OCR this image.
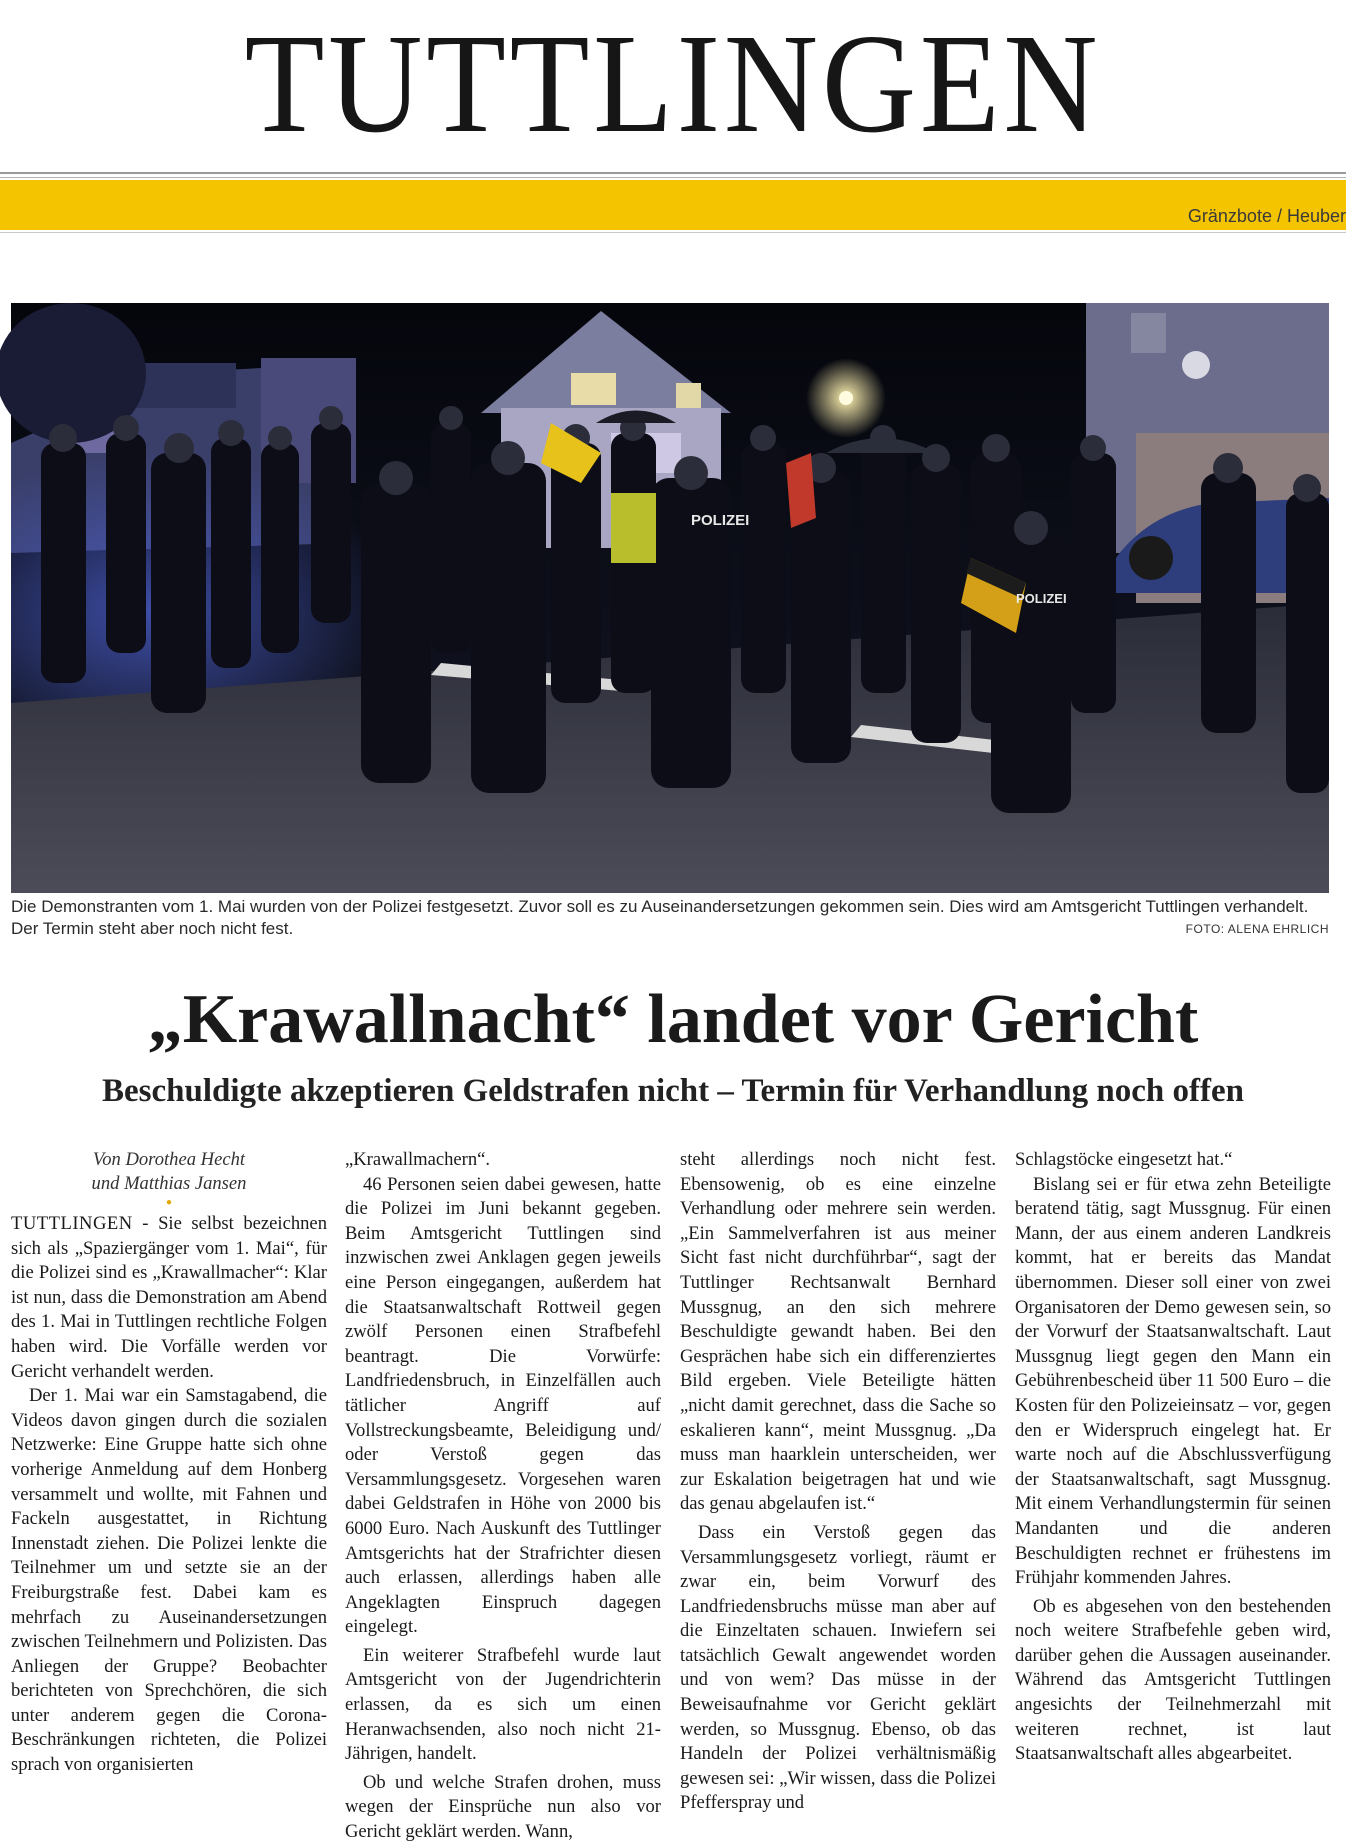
TUTTLINGEN
Gränzbote / Heuber
POLIZEI
POLIZEI
Die Demonstranten vom 1. Mai wurden von der Polizei festgesetzt. Zuvor soll es zu Auseinandersetzungen gekommen sein. Dies wird am Amtsgericht Tuttlingen verhandelt. Der Termin steht aber noch nicht fest.	FOTO: ALENA EHRLICH
„Krawallnacht“ landet vor Gericht
Beschuldigte akzeptieren Geldstrafen nicht – Termin für Verhandlung noch offen
Von Dorothea Hecht
und Matthias Jansen
●

TUTTLINGEN - Sie selbst bezeichnen sich als „Spaziergänger vom 1. Mai“, für die Polizei sind es „Krawallmacher“: Klar ist nun, dass die Demonstration am Abend des 1. Mai in Tuttlingen rechtliche Folgen haben wird. Die Vorfälle werden vor Gericht verhandelt werden.

Der 1. Mai war ein Samstagabend, die Videos davon gingen durch die sozialen Netzwerke: Eine Gruppe hatte sich ohne vorherige Anmeldung auf dem Honberg versammelt und wollte, mit Fahnen und Fackeln ausgestattet, in Richtung Innenstadt ziehen. Die Polizei lenkte die Teilnehmer um und setzte sie an der Freiburgstraße fest. Dabei kam es mehrfach zu Auseinandersetzungen zwischen Teilnehmern und Polizisten. Das Anliegen der Gruppe? Beobachter berichteten von Sprechchören, die sich unter anderem gegen die Corona-Beschränkungen richteten, die Polizei sprach von organisierten

„Krawallmachern“.

46 Personen seien dabei gewesen, hatte die Polizei im Juni bekannt gegeben. Beim Amtsgericht Tuttlingen sind inzwischen zwei Anklagen gegen jeweils eine Person eingegangen, außerdem hat die Staatsanwaltschaft Rottweil gegen zwölf Personen einen Strafbefehl beantragt. Die Vorwürfe: Landfriedensbruch, in Einzelfällen auch tätlicher Angriff auf Vollstreckungsbeamte, Beleidigung und/ oder Verstoß gegen das Versammlungsgesetz. Vorgesehen waren dabei Geldstrafen in Höhe von 2000 bis 6000 Euro. Nach Auskunft des Tuttlinger Amtsgerichts hat der Strafrichter diesen auch erlassen, allerdings haben alle Angeklagten Einspruch dagegen eingelegt.

Ein weiterer Strafbefehl wurde laut Amtsgericht von der Jugendrichterin erlassen, da es sich um einen Heranwachsenden, also noch nicht 21-Jährigen, handelt.

Ob und welche Strafen drohen, muss wegen der Einsprüche nun also vor Gericht geklärt werden. Wann,

steht allerdings noch nicht fest. Ebensowenig, ob es eine einzelne Verhandlung oder mehrere sein werden. „Ein Sammelverfahren ist aus meiner Sicht fast nicht durchführbar“, sagt der Tuttlinger Rechtsanwalt Bernhard Mussgnug, an den sich mehrere Beschuldigte gewandt haben. Bei den Gesprächen habe sich ein differenziertes Bild ergeben. Viele Beteiligte hätten „nicht damit gerechnet, dass die Sache so eskalieren kann“, meint Mussgnug. „Da muss man haarklein unterscheiden, wer zur Eskalation beigetragen hat und wie das genau abgelaufen ist.“

Dass ein Verstoß gegen das Versammlungsgesetz vorliegt, räumt er zwar ein, beim Vorwurf des Landfriedensbruchs müsse man aber auf die Einzeltaten schauen. Inwiefern sei tatsächlich Gewalt angewendet worden und von wem? Das müsse in der Beweisaufnahme vor Gericht geklärt werden, so Mussgnug. Ebenso, ob das Handeln der Polizei verhältnismäßig gewesen sei: „Wir wissen, dass die Polizei Pfefferspray und

Schlagstöcke eingesetzt hat.“

Bislang sei er für etwa zehn Beteiligte beratend tätig, sagt Mussgnug. Für einen Mann, der aus einem anderen Landkreis kommt, hat er bereits das Mandat übernommen. Dieser soll einer von zwei Organisatoren der Demo gewesen sein, so der Vorwurf der Staatsanwaltschaft. Laut Mussgnug liegt gegen den Mann ein Gebührenbescheid über 11 500 Euro – die Kosten für den Polizeieinsatz – vor, gegen den er Widerspruch eingelegt hat. Er warte noch auf die Abschlussverfügung der Staatsanwaltschaft, sagt Mussgnug. Mit einem Verhandlungstermin für seinen Mandanten und die anderen Beschuldigten rechnet er frühestens im Frühjahr kommenden Jahres.

Ob es abgesehen von den bestehenden noch weitere Strafbefehle geben wird, darüber gehen die Aussagen auseinander. Während das Amtsgericht Tuttlingen angesichts der Teilnehmerzahl mit weiteren rechnet, ist laut Staatsanwaltschaft alles abgearbeitet.
